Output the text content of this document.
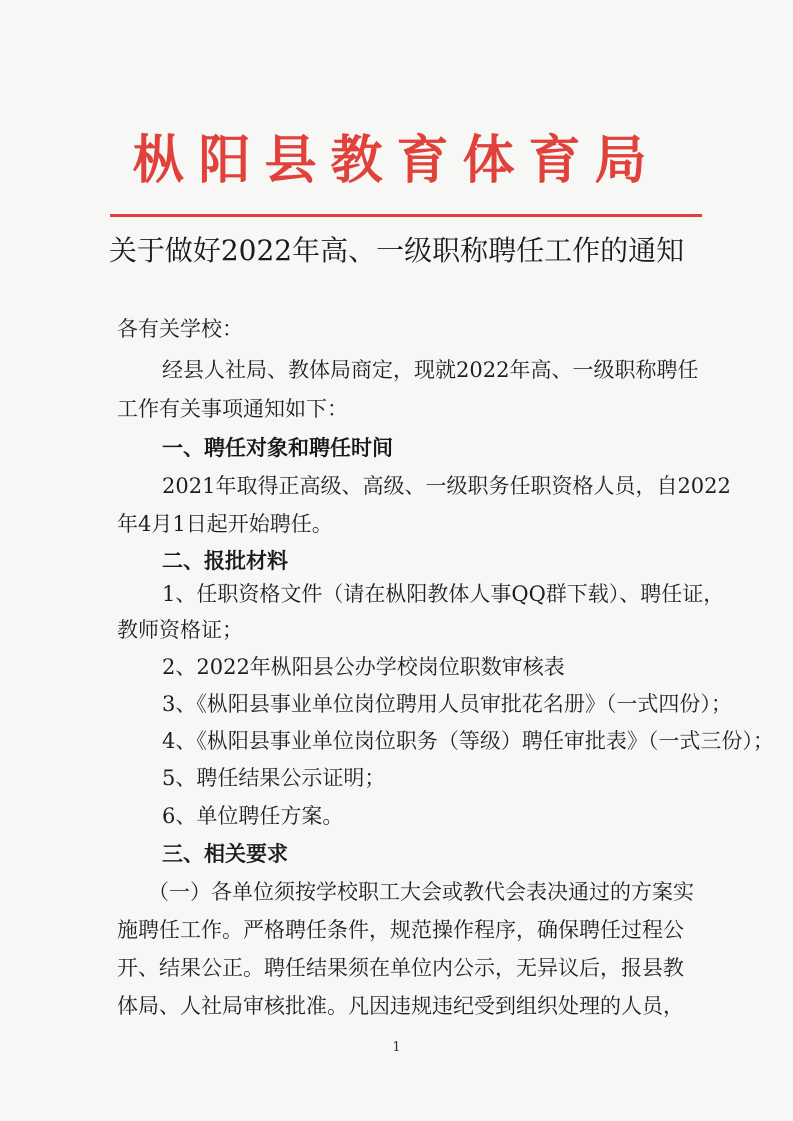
枞阳县教育体育局
关于做好2022年高、一级职称聘任工作的通知
各有关学校：
经县人社局、教体局商定，现就2022年高、一级职称聘任
工作有关事项通知如下：
一、聘任对象和聘任时间
2021年取得正高级、高级、一级职务任职资格人员，自2022
年4月1日起开始聘任。
二、报批材料
1、任职资格文件（请在枞阳教体人事QQ群下载）、聘任证，
教师资格证；
2、2022年枞阳县公办学校岗位职数审核表
3、《枞阳县事业单位岗位聘用人员审批花名册》（一式四份）；
4、《枞阳县事业单位岗位职务（等级）聘任审批表》（一式三份）；
5、聘任结果公示证明；
6、单位聘任方案。
三、相关要求
（一）各单位须按学校职工大会或教代会表决通过的方案实
施聘任工作。严格聘任条件，规范操作程序，确保聘任过程公
开、结果公正。聘任结果须在单位内公示，无异议后，报县教
体局、人社局审核批准。凡因违规违纪受到组织处理的人员，
1
